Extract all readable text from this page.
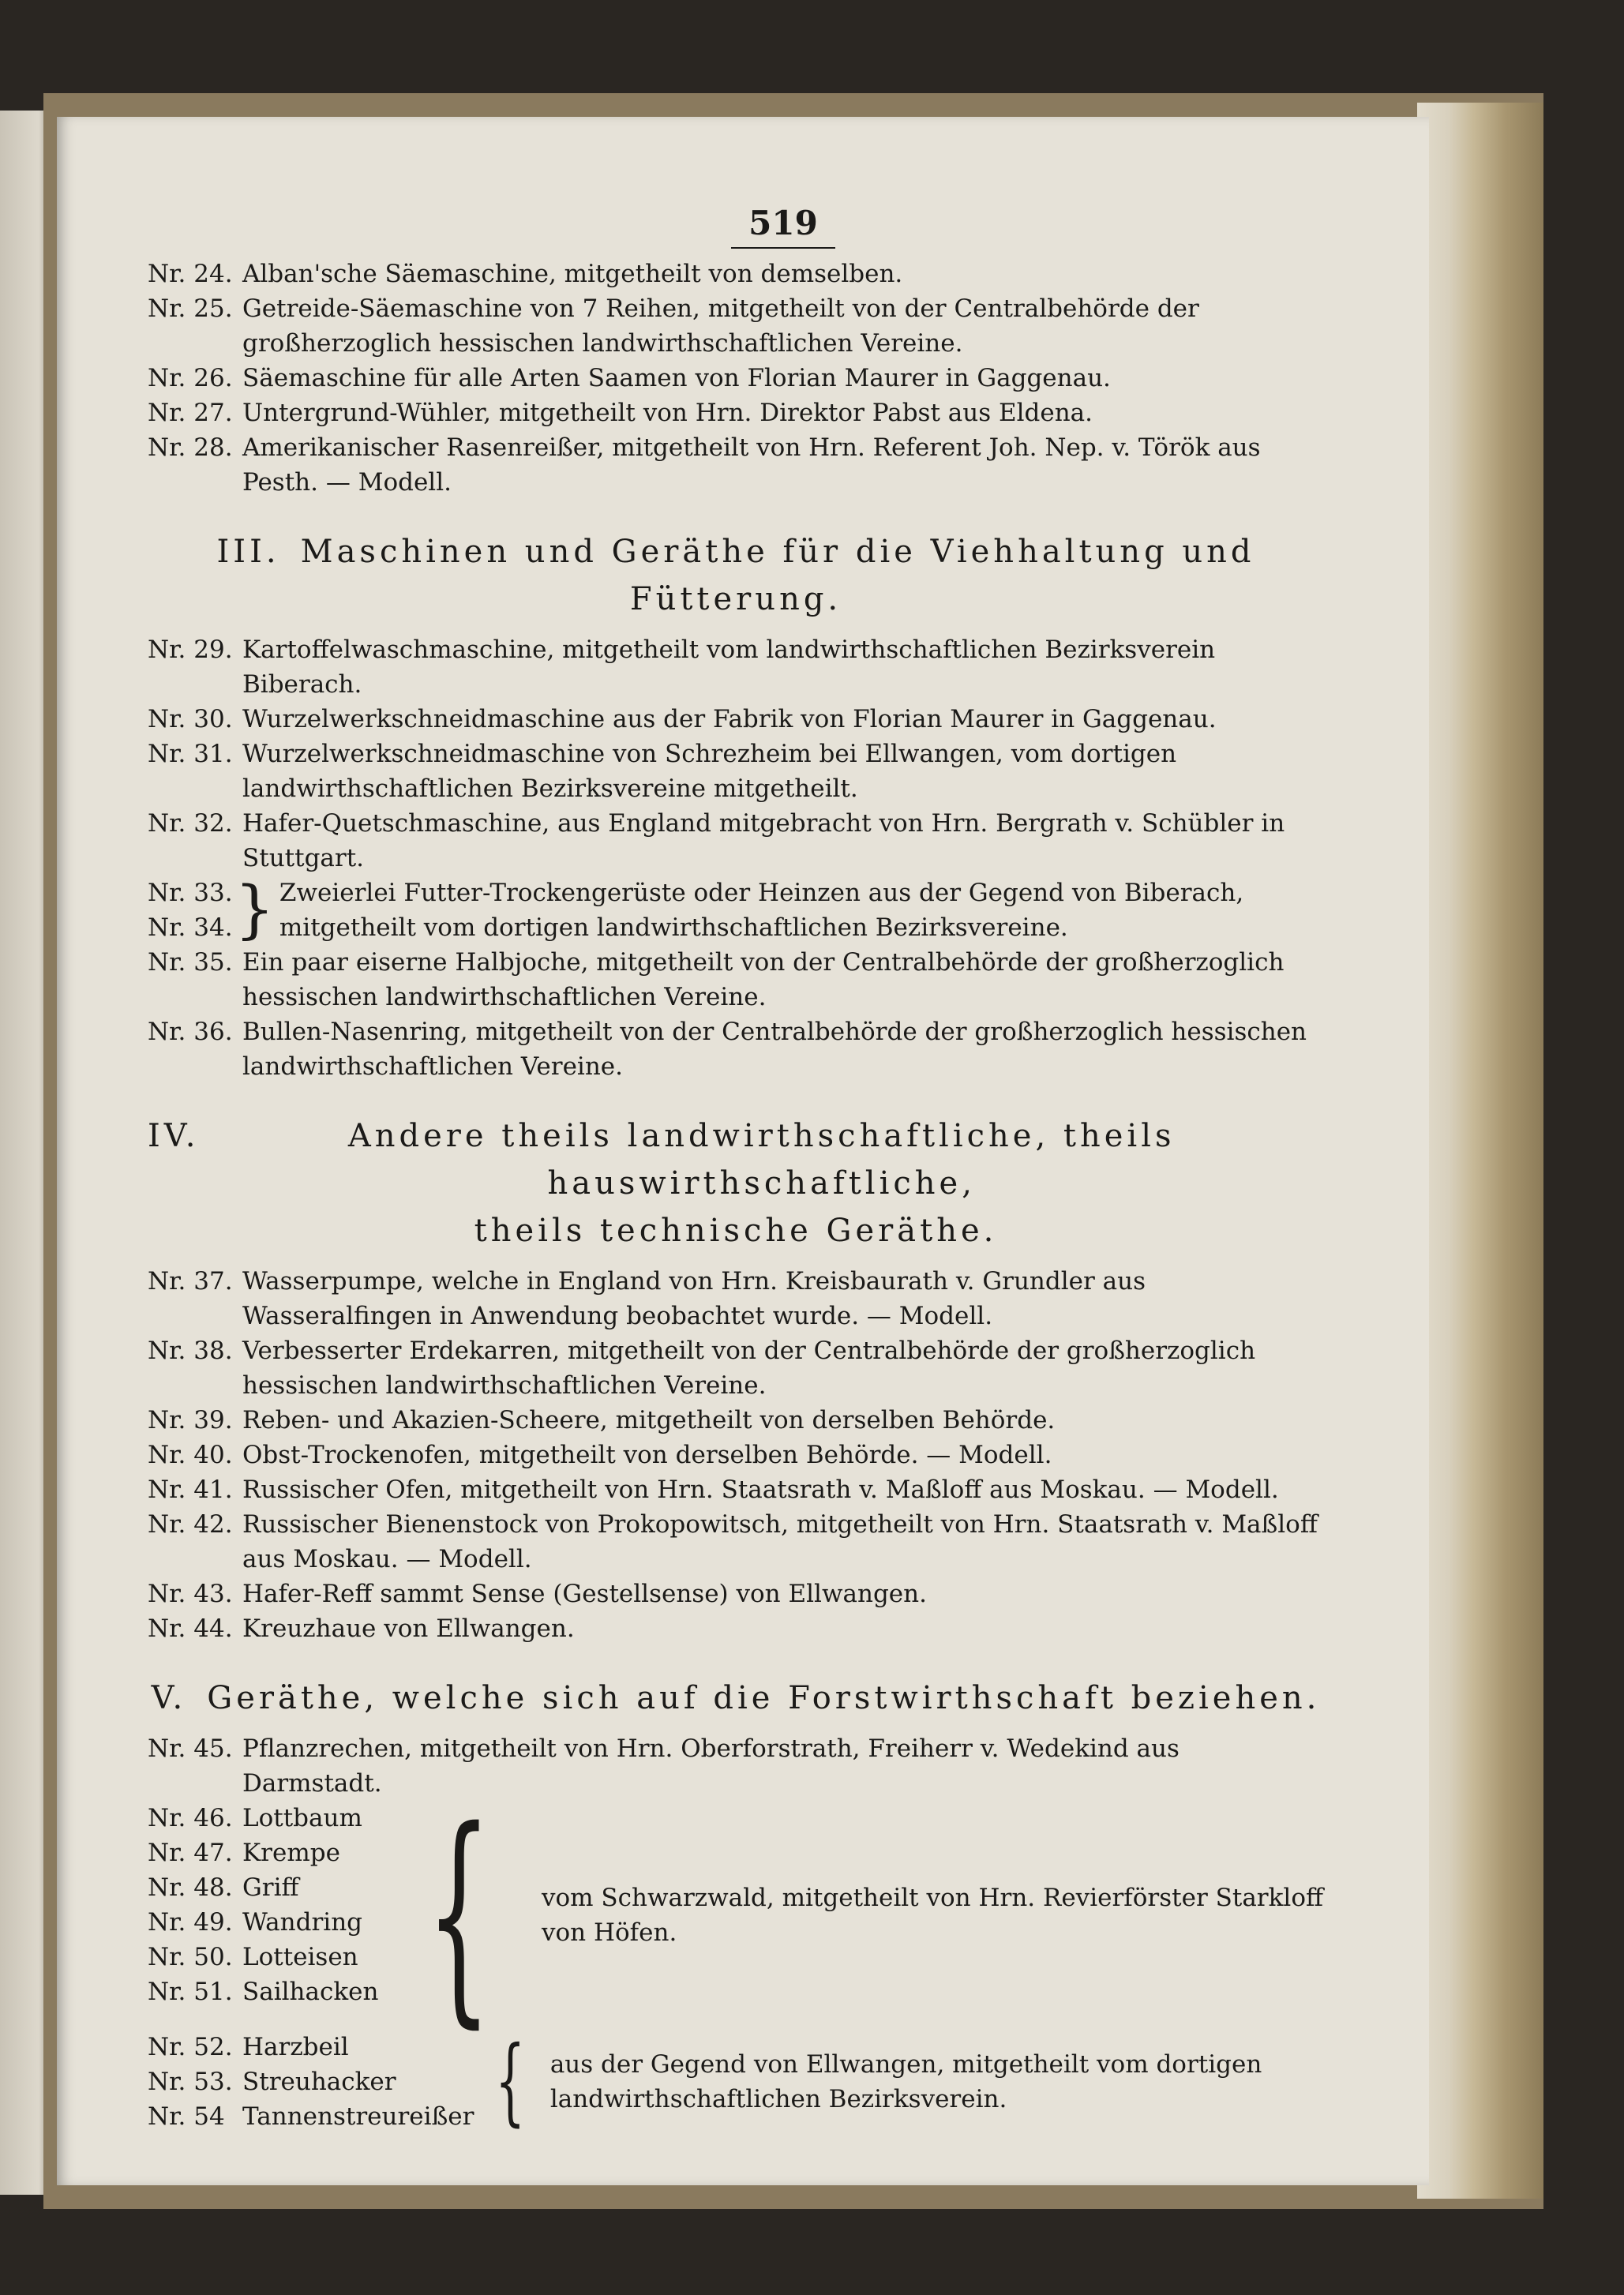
519
Nr. 24. Alban'sche Säemaschine, mitgetheilt von demselben.
Nr. 25. Getreide-Säemaschine von 7 Reihen, mitgetheilt von der Centralbehörde der großherzoglich hessischen landwirthschaftlichen Vereine.
Nr. 26. Säemaschine für alle Arten Saamen von Florian Maurer in Gaggenau.
Nr. 27. Untergrund-Wühler, mitgetheilt von Hrn. Direktor Pabst aus Eldena.
Nr. 28. Amerikanischer Rasenreißer, mitgetheilt von Hrn. Referent Joh. Nep. v. Török aus Pesth. — Modell.
III. Maschinen und Geräthe für die Viehhaltung und Fütterung.
Nr. 29. Kartoffelwaschmaschine, mitgetheilt vom landwirthschaftlichen Bezirksverein Biberach.
Nr. 30. Wurzelwerkschneidmaschine aus der Fabrik von Florian Maurer in Gaggenau.
Nr. 31. Wurzelwerkschneidmaschine von Schrezheim bei Ellwangen, vom dortigen landwirthschaftlichen Bezirksvereine mitgetheilt.
Nr. 32. Hafer-Quetschmaschine, aus England mitgebracht von Hrn. Bergrath v. Schübler in Stuttgart.
Nr. 33.
Nr. 34. } Zweierlei Futter-Trockengerüste oder Heinzen aus der Gegend von Biberach, mitgetheilt vom dortigen landwirthschaftlichen Bezirksvereine.
Nr. 35. Ein paar eiserne Halbjoche, mitgetheilt von der Centralbehörde der großherzoglich hessischen landwirthschaftlichen Vereine.
Nr. 36. Bullen-Nasenring, mitgetheilt von der Centralbehörde der großherzoglich hessischen landwirthschaftlichen Vereine.
IV.	Andere theils landwirthschaftliche, theils hauswirthschaftliche,
theils technische Geräthe.
Nr. 37. Wasserpumpe, welche in England von Hrn. Kreisbaurath v. Grundler aus Wasseralfingen in Anwendung beobachtet wurde. — Modell.
Nr. 38. Verbesserter Erdekarren, mitgetheilt von der Centralbehörde der großherzoglich hessischen landwirthschaftlichen Vereine.
Nr. 39. Reben- und Akazien-Scheere, mitgetheilt von derselben Behörde.
Nr. 40. Obst-Trockenofen, mitgetheilt von derselben Behörde. — Modell.
Nr. 41. Russischer Ofen, mitgetheilt von Hrn. Staatsrath v. Maßloff aus Moskau. — Modell.
Nr. 42. Russischer Bienenstock von Prokopowitsch, mitgetheilt von Hrn. Staatsrath v. Maßloff aus Moskau. — Modell.
Nr. 43. Hafer-Reff sammt Sense (Gestellsense) von Ellwangen.
Nr. 44. Kreuzhaue von Ellwangen.
V. Geräthe, welche sich auf die Forstwirthschaft beziehen.
Nr. 45. Pflanzrechen, mitgetheilt von Hrn. Oberforstrath, Freiherr v. Wedekind aus Darmstadt.
Nr. 46. Lottbaum
Nr. 47. Krempe
Nr. 48. Griff
Nr. 49. Wandring
Nr. 50. Lotteisen
Nr. 51. Sailhacken {	vom Schwarzwald, mitgetheilt von Hrn. Revierförster Starkloff von Höfen.
Nr. 52. Harzbeil
Nr. 53. Streuhacker
Nr. 54 Tannenstreureißer {	aus der Gegend von Ellwangen, mitgetheilt vom dortigen landwirthschaftlichen Bezirksverein.
